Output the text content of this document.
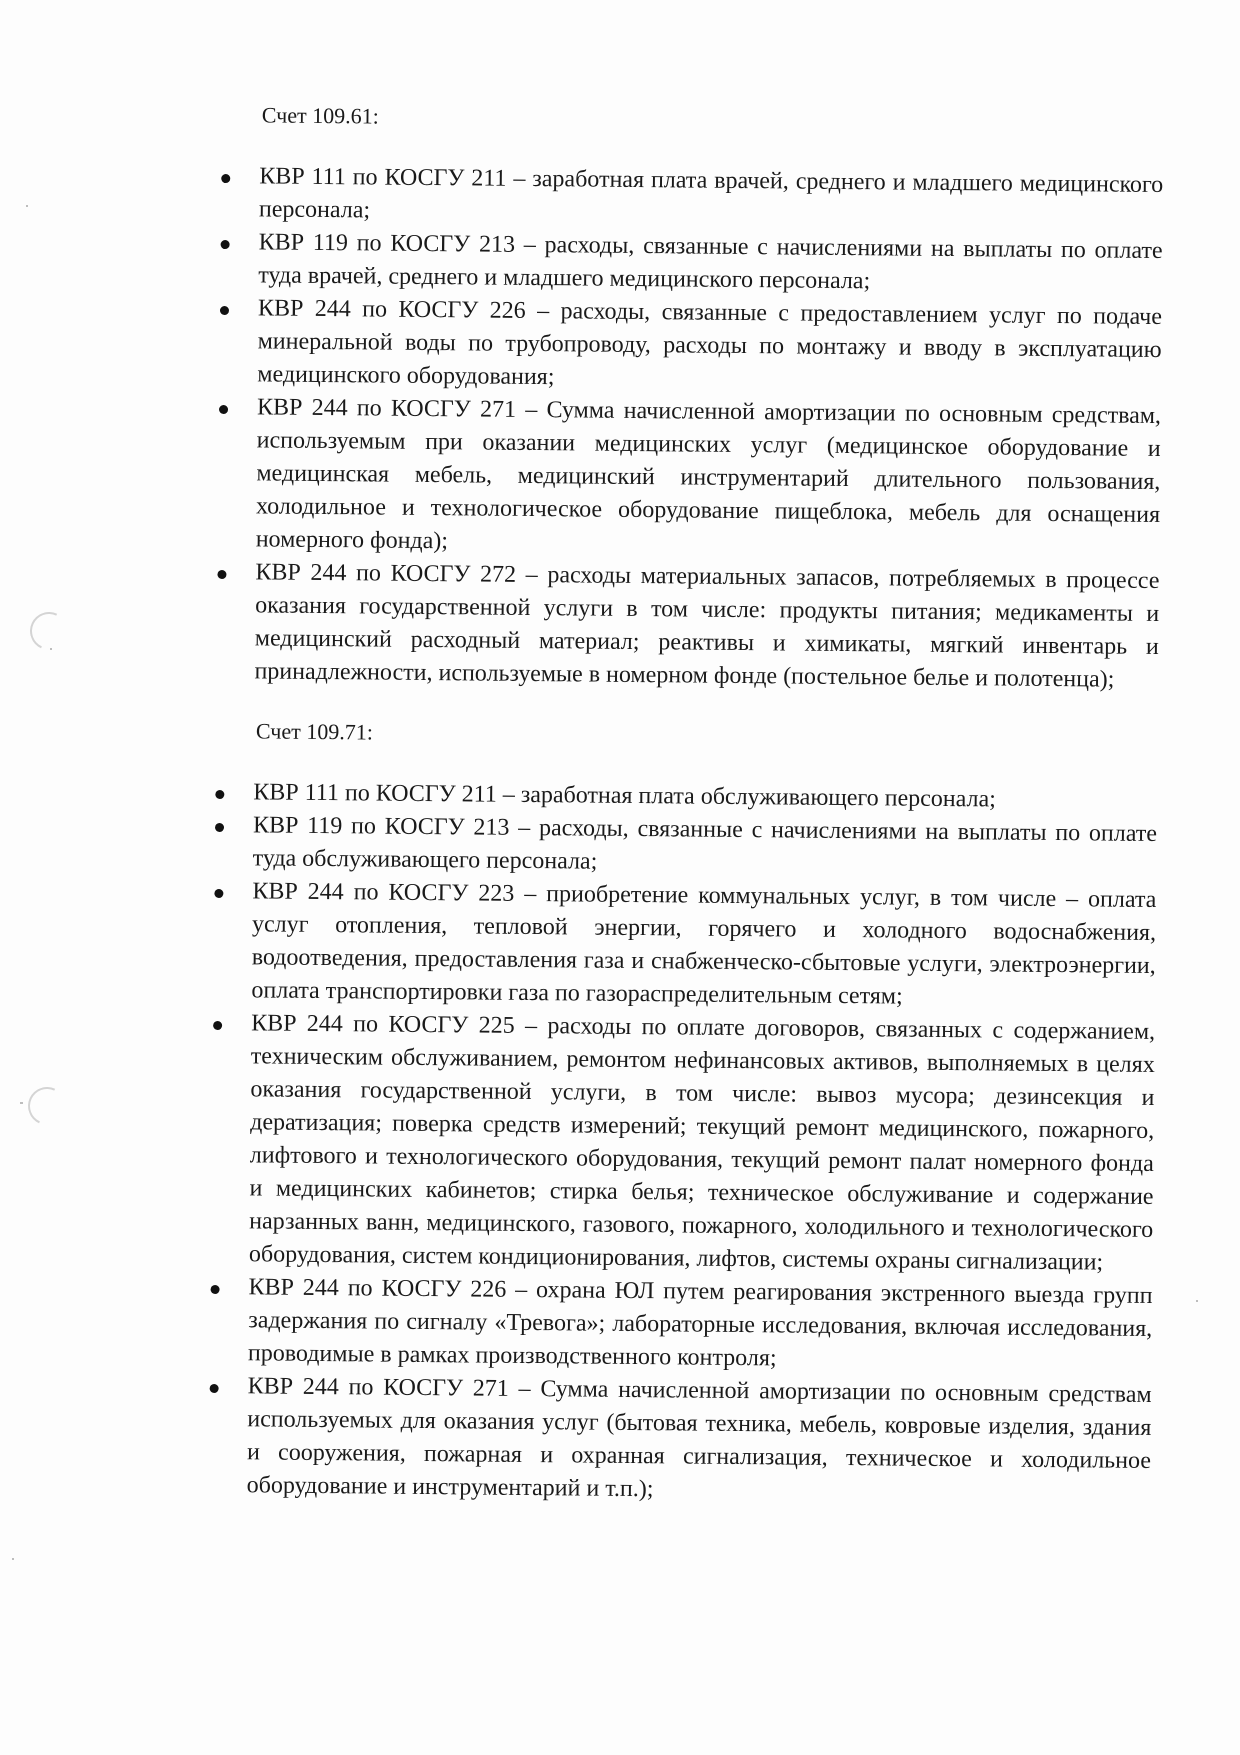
Счет 109.61:

КВР 111 по КОСГУ 211 – заработная плата врачей, среднего и младшего медицинского персонала;
КВР 119 по КОСГУ 213 – расходы, связанные с начислениями на выплаты по оплате туда врачей, среднего и младшего медицинского персонала;
КВР 244 по КОСГУ 226 – расходы, связанные с предоставлением услуг по подаче минеральной воды по трубопроводу, расходы по монтажу и вводу в эксплуатацию медицинского оборудования;
КВР 244 по КОСГУ 271 – Сумма начисленной амортизации по основным средствам, используемым при оказании медицинских услуг (медицинское оборудование и медицинская мебель, медицинский инструментарий длительного пользования, холодильное и технологическое оборудование пищеблока, мебель для оснащения номерного фонда);
КВР 244 по КОСГУ 272 – расходы материальных запасов, потребляемых в процессе оказания государственной услуги в том числе: продукты питания; медикаменты и медицинский расходный материал; реактивы и химикаты, мягкий инвентарь и принадлежности, используемые в номерном фонде (постельное белье и полотенца);

Счет 109.71:

КВР 111 по КОСГУ 211 – заработная плата обслуживающего персонала;
КВР 119 по КОСГУ 213 – расходы, связанные с начислениями на выплаты по оплате туда обслуживающего персонала;
КВР 244 по КОСГУ 223 – приобретение коммунальных услуг, в том числе – оплата услуг отопления, тепловой энергии, горячего и холодного водоснабжения, водоотведения, предоставления газа и снабженческо-сбытовые услуги, электроэнергии, оплата транспортировки газа по газораспределительным сетям;
КВР 244 по КОСГУ 225 – расходы по оплате договоров, связанных с содержанием, техническим обслуживанием, ремонтом нефинансовых активов, выполняемых в целях оказания государственной услуги, в том числе: вывоз мусора; дезинсекция и дератизация; поверка средств измерений; текущий ремонт медицинского, пожарного, лифтового и технологического оборудования, текущий ремонт палат номерного фонда и медицинских кабинетов; стирка белья; техническое обслуживание и содержание нарзанных ванн, медицинского, газового, пожарного, холодильного и технологического оборудования, систем кондиционирования, лифтов, системы охраны сигнализации;
КВР 244 по КОСГУ 226 – охрана ЮЛ путем реагирования экстренного выезда групп задержания по сигналу «Тревога»; лабораторные исследования, включая исследования, проводимые в рамках производственного контроля;
КВР 244 по КОСГУ 271 – Сумма начисленной амортизации по основным средствам используемых для оказания услуг (бытовая техника, мебель, ковровые изделия, здания и сооружения, пожарная и охранная сигнализация, техническое и холодильное оборудование и инструментарий и т.п.);
